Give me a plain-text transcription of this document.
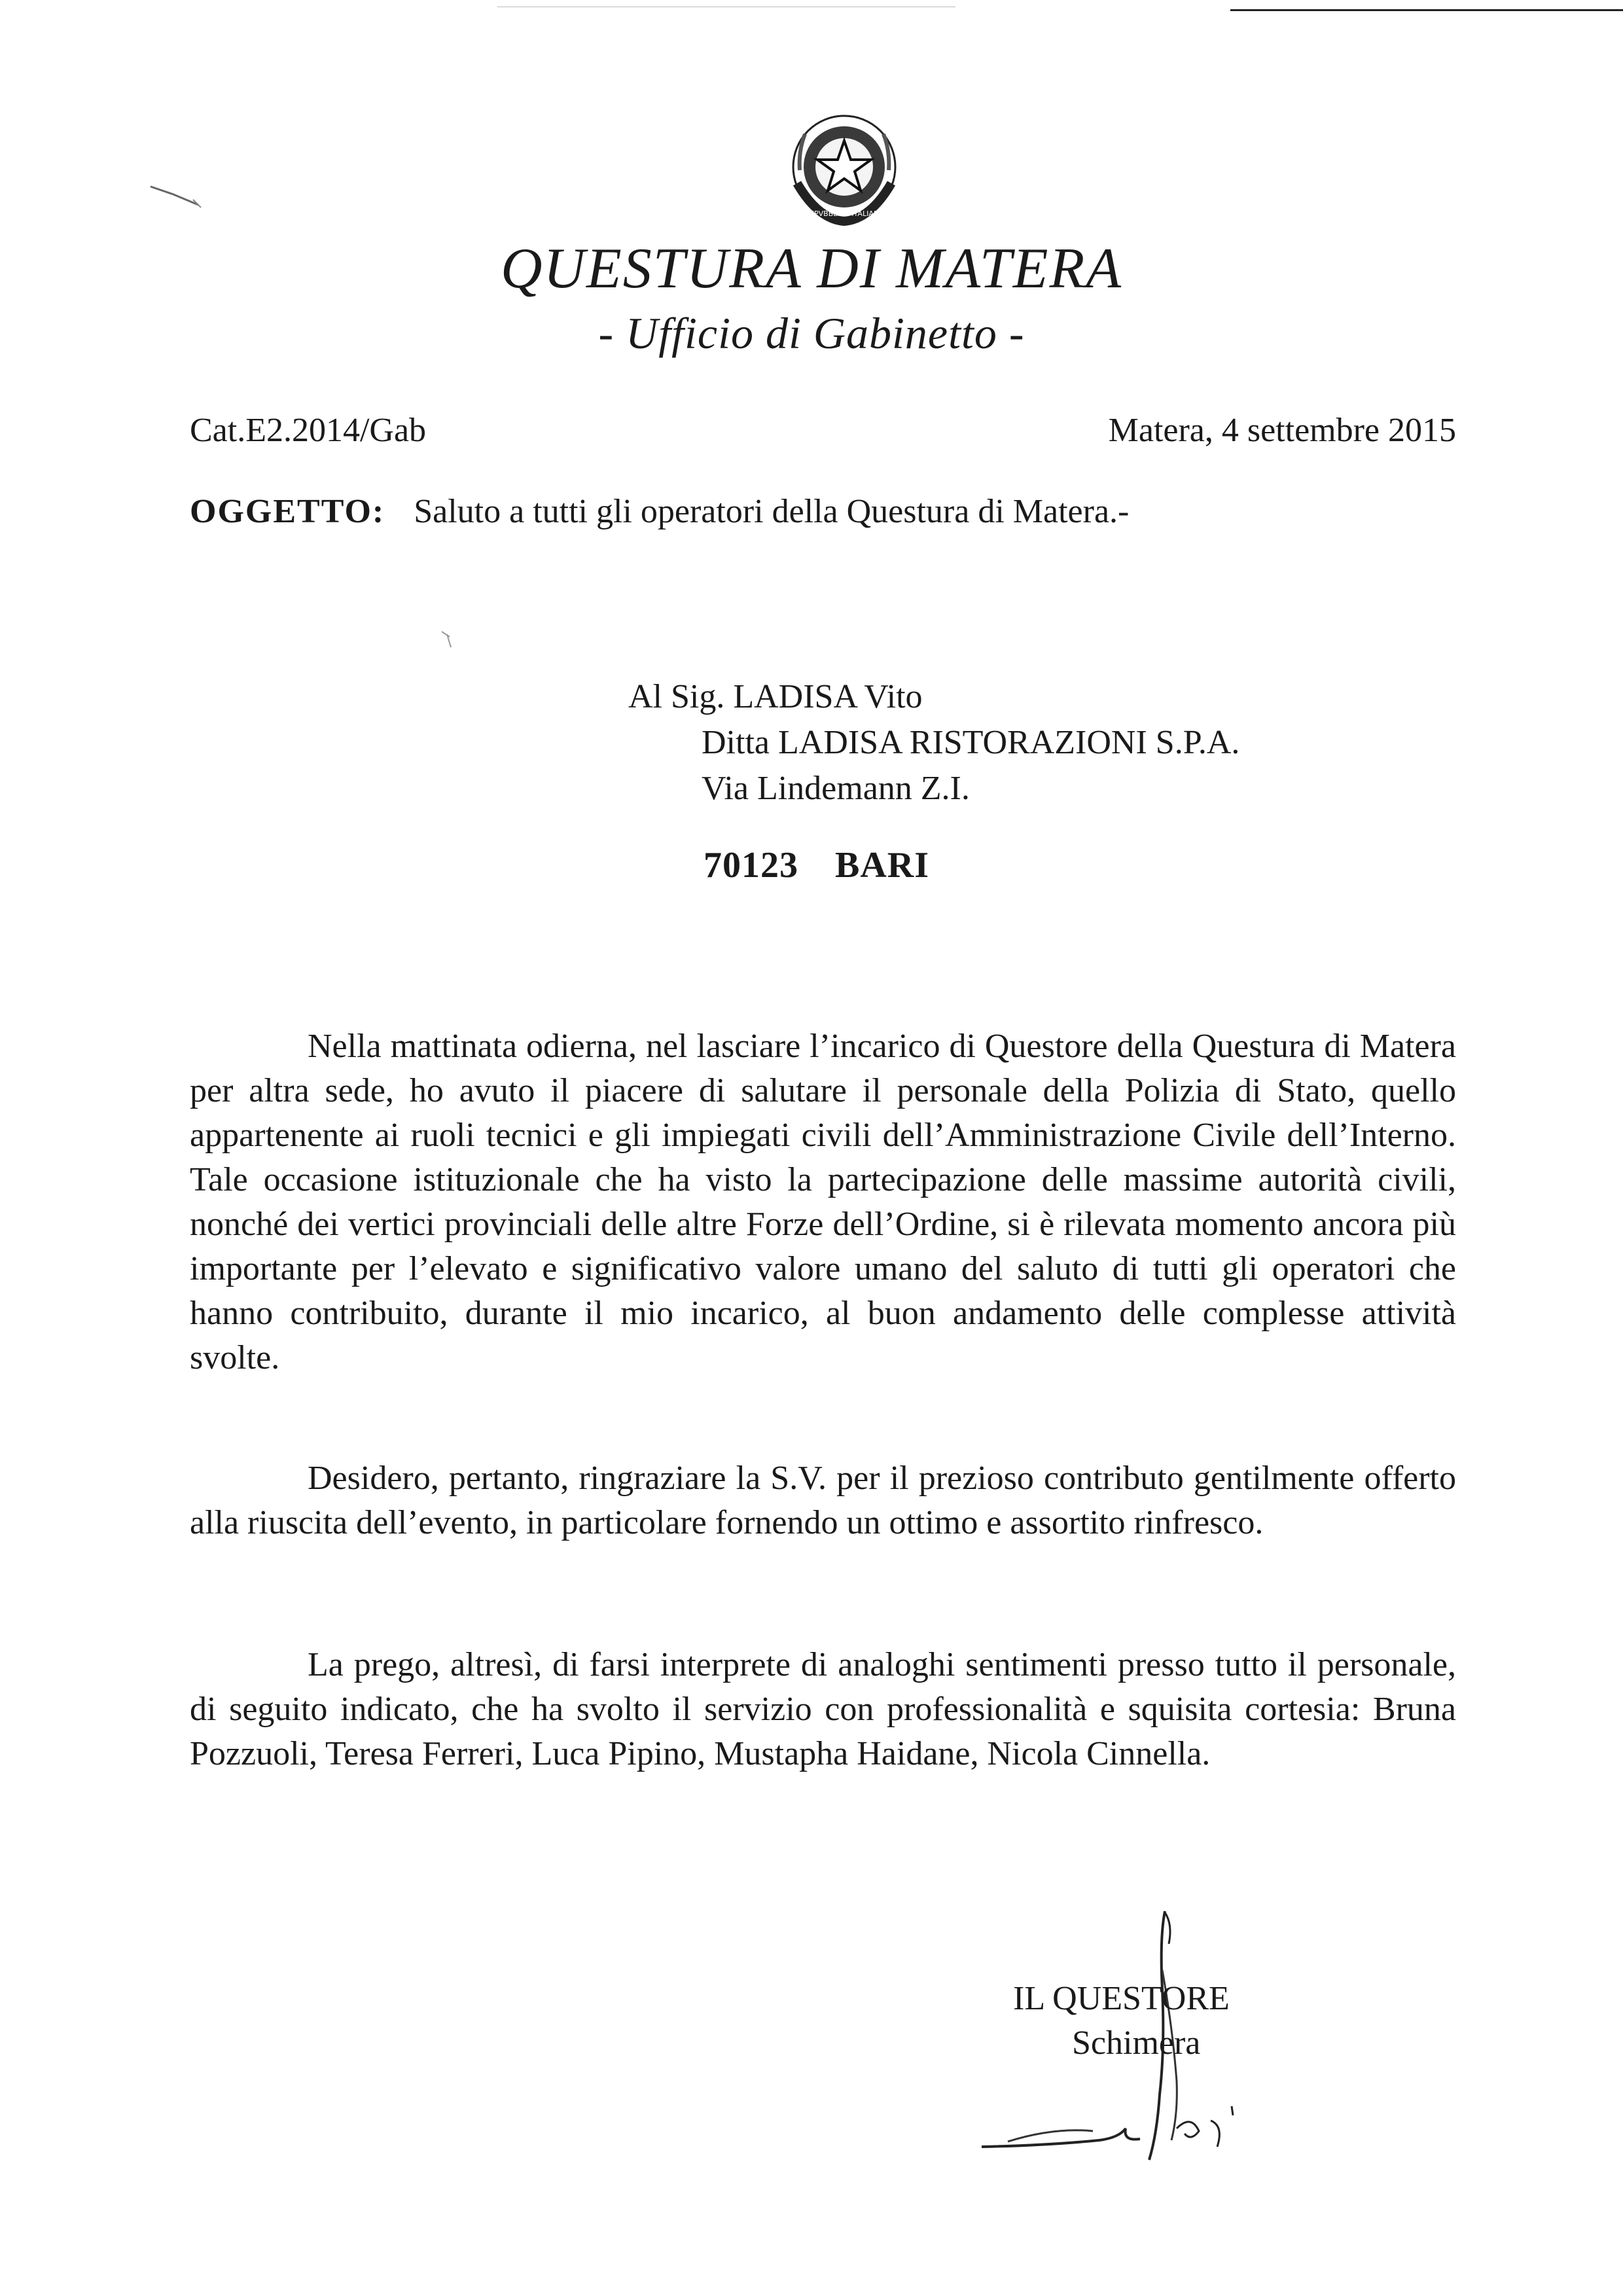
REPVBBLICA ITALIANA
QUESTURA DI MATERA
- Ufficio di Gabinetto -
Cat.E2.2014/Gab	Matera, 4 settembre 2015
OGGETTO: Saluto a tutti gli operatori della Questura di Matera.-
Al Sig. LADISA Vito
Ditta LADISA RISTORAZIONI S.P.A.
Via Lindemann Z.I.
70123 BARI

Nella mattinata odierna, nel lasciare l’incarico di Questore della Questura di Matera per altra sede, ho avuto il piacere di salutare il personale della Polizia di Stato, quello appartenente ai ruoli tecnici e gli impiegati civili dell’Amministrazione Civile dell’Interno. Tale occasione istituzionale che ha visto la partecipazione delle massime autorità civili, nonché dei vertici provinciali delle altre Forze dell’Ordine, si è rilevata momento ancora più importante per l’elevato e significativo valore umano del saluto di tutti gli operatori che hanno contribuito, durante il mio incarico, al buon andamento delle complesse attività svolte.

Desidero, pertanto, ringraziare la S.V. per il prezioso contributo gentilmente offerto alla riuscita dell’evento, in particolare fornendo un ottimo e assortito rinfresco.

La prego, altresì, di farsi interprete di analoghi sentimenti presso tutto il personale, di seguito indicato, che ha svolto il servizio con professionalità e squisita cortesia: Bruna Pozzuoli, Teresa Ferreri, Luca Pipino, Mustapha Haidane, Nicola Cinnella.

IL QUESTORE
Schimera
